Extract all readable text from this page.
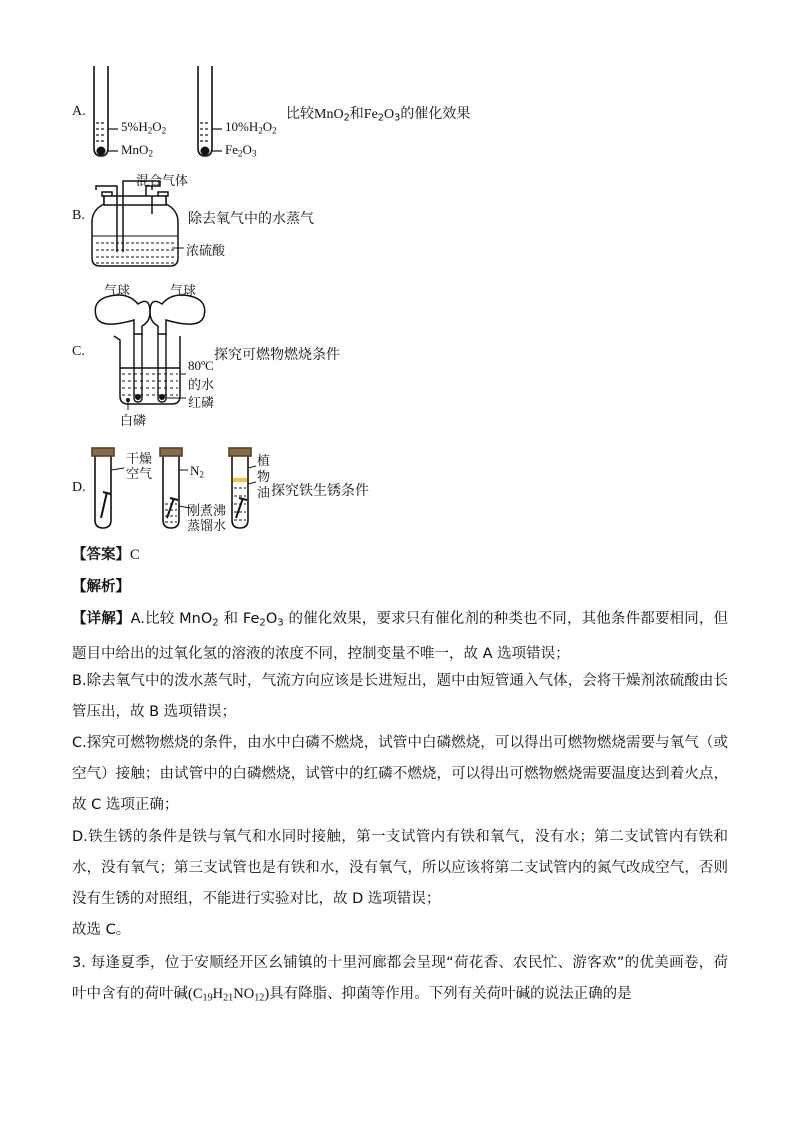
A.
$5\%H_2O_2$
MnO$_2$
$10\%H_2O_2$
$Fe_2O_3$
比较MnO$_2$和$Fe_2O_3$的催化效果
B.
混合气体
浓硫酸
除去氧气中的水蒸气
C.
气球	气球
80ºC
的水
红磷
白磷
探究可燃物燃烧条件
D.
干燥
空气	$N_2$
刚煮沸
蒸馏水
植
物
油 探究铁生锈条件
【答案】C
【解析】
【详解】A.比较 MnO$_2$ 和 $Fe_2O_3$ 的催化效果，要求只有催化剂的种类也不同，其他条件都要相同，但题目中给出的过氧化氢的溶液的浓度不同，控制变量不唯一，故 A 选项错误；
B.除去氧气中的泼水蒸气时，气流方向应该是长进短出，题中由短管通入气体，会将干燥剂浓硫酸由长管压出，故 B 选项错误；
C.探究可燃物燃烧的条件，由水中白磷不燃烧，试管中白磷燃烧，可以得出可燃物燃烧需要与氧气（或空气）接触；由试管中的白磷燃烧，试管中的红磷不燃烧，可以得出可燃物燃烧需要温度达到着火点，故 C 选项正确；
D.铁生锈的条件是铁与氧气和水同时接触，第一支试管内有铁和氧气，没有水；第二支试管内有铁和水，没有氧气；第三支试管也是有铁和水，没有氧气，所以应该将第二支试管内的氮气改成空气，否则没有生锈的对照组，不能进行实验对比，故 D 选项错误；
故选 C。
3. 每逢夏季，位于安顺经开区幺铺镇的十里河廊都会呈现“荷花香、农民忙、游客欢”的优美画卷，荷叶中含有的荷叶碱$(C_{19}H_{21}NO_{12})$具有降脂、抑菌等作用。下列有关荷叶碱的说法正确的是
